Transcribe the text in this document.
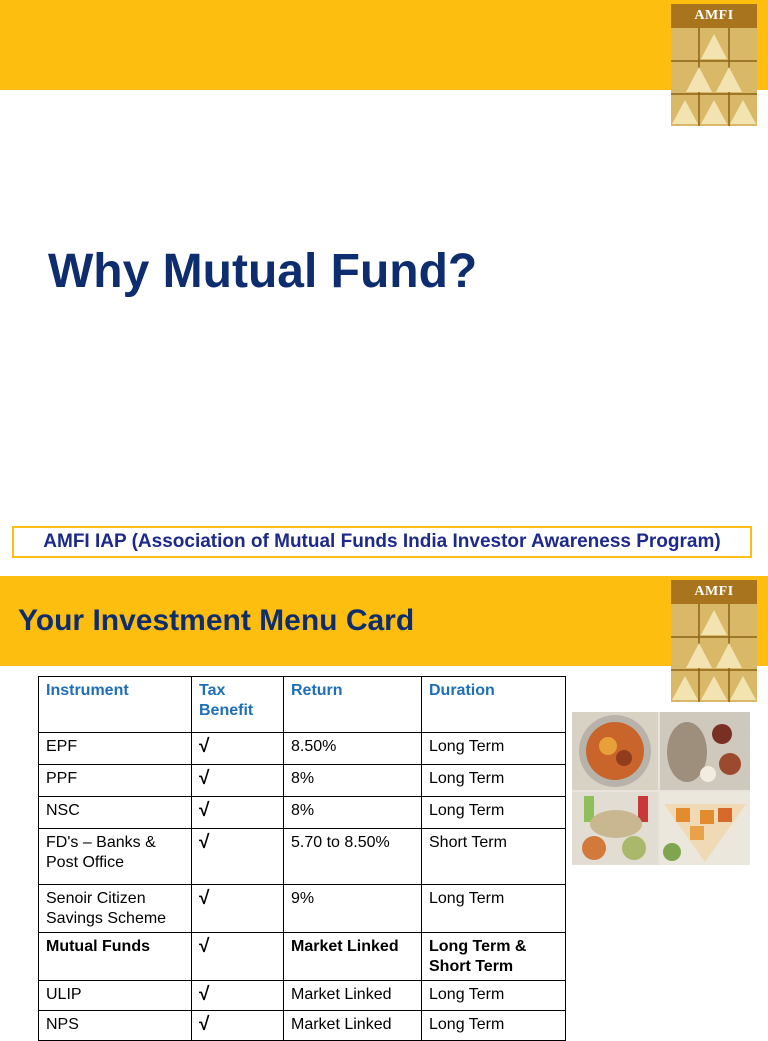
AMFI
Why Mutual Fund?
AMFI IAP (Association of Mutual Funds India Investor Awareness Program)
Your Investment Menu Card
AMFI
Instrument	Tax Benefit	Return	Duration
EPF	√	8.50%	Long Term
PPF	√	8%	Long Term
NSC	√	8%	Long Term
FD's – Banks & Post Office	√	5.70 to 8.50%	Short Term
Senoir Citizen Savings Scheme	√	9%	Long Term
Mutual Funds	√	Market Linked	Long Term & Short Term
ULIP	√	Market Linked	Long Term
NPS	√	Market Linked	Long Term
